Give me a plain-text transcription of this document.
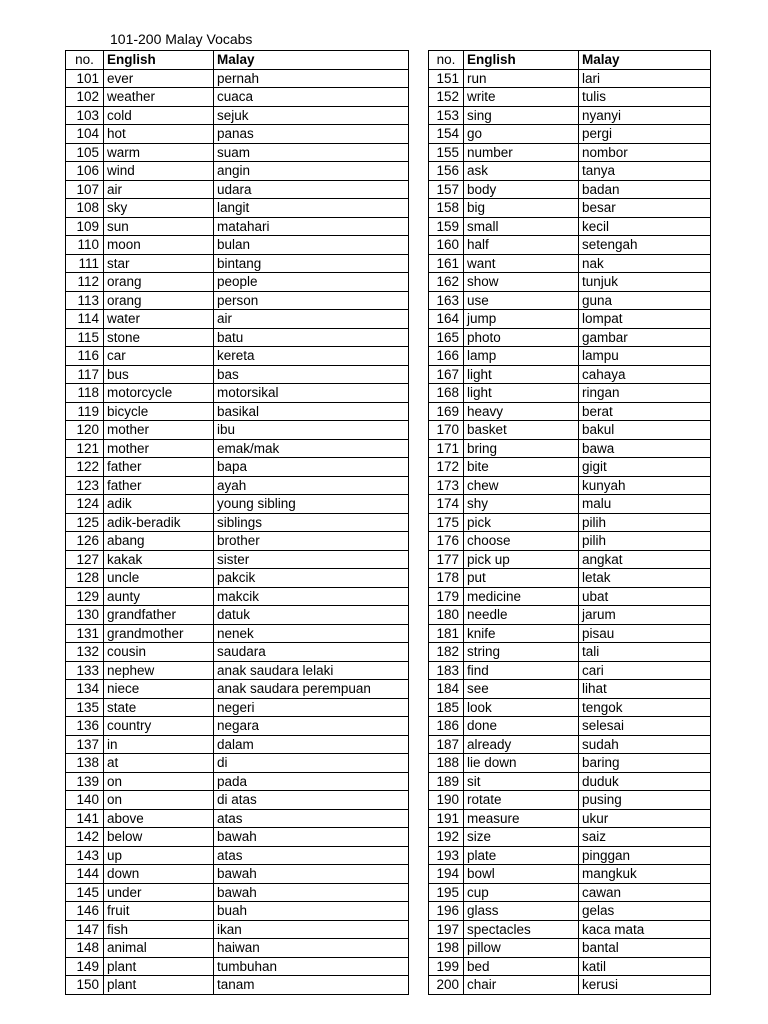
101-200 Malay Vocabs
no.	English	Malay
101	ever	pernah
102	weather	cuaca
103	cold	sejuk
104	hot	panas
105	warm	suam
106	wind	angin
107	air	udara
108	sky	langit
109	sun	matahari
110	moon	bulan
111	star	bintang
112	orang	people
113	orang	person
114	water	air
115	stone	batu
116	car	kereta
117	bus	bas
118	motorcycle	motorsikal
119	bicycle	basikal
120	mother	ibu
121	mother	emak/mak
122	father	bapa
123	father	ayah
124	adik	young sibling
125	adik-beradik	siblings
126	abang	brother
127	kakak	sister
128	uncle	pakcik
129	aunty	makcik
130	grandfather	datuk
131	grandmother	nenek
132	cousin	saudara
133	nephew	anak saudara lelaki
134	niece	anak saudara perempuan
135	state	negeri
136	country	negara
137	in	dalam
138	at	di
139	on	pada
140	on	di atas
141	above	atas
142	below	bawah
143	up	atas
144	down	bawah
145	under	bawah
146	fruit	buah
147	fish	ikan
148	animal	haiwan
149	plant	tumbuhan
150	plant	tanam
no.	English	Malay
151	run	lari
152	write	tulis
153	sing	nyanyi
154	go	pergi
155	number	nombor
156	ask	tanya
157	body	badan
158	big	besar
159	small	kecil
160	half	setengah
161	want	nak
162	show	tunjuk
163	use	guna
164	jump	lompat
165	photo	gambar
166	lamp	lampu
167	light	cahaya
168	light	ringan
169	heavy	berat
170	basket	bakul
171	bring	bawa
172	bite	gigit
173	chew	kunyah
174	shy	malu
175	pick	pilih
176	choose	pilih
177	pick up	angkat
178	put	letak
179	medicine	ubat
180	needle	jarum
181	knife	pisau
182	string	tali
183	find	cari
184	see	lihat
185	look	tengok
186	done	selesai
187	already	sudah
188	lie down	baring
189	sit	duduk
190	rotate	pusing
191	measure	ukur
192	size	saiz
193	plate	pinggan
194	bowl	mangkuk
195	cup	cawan
196	glass	gelas
197	spectacles	kaca mata
198	pillow	bantal
199	bed	katil
200	chair	kerusi
